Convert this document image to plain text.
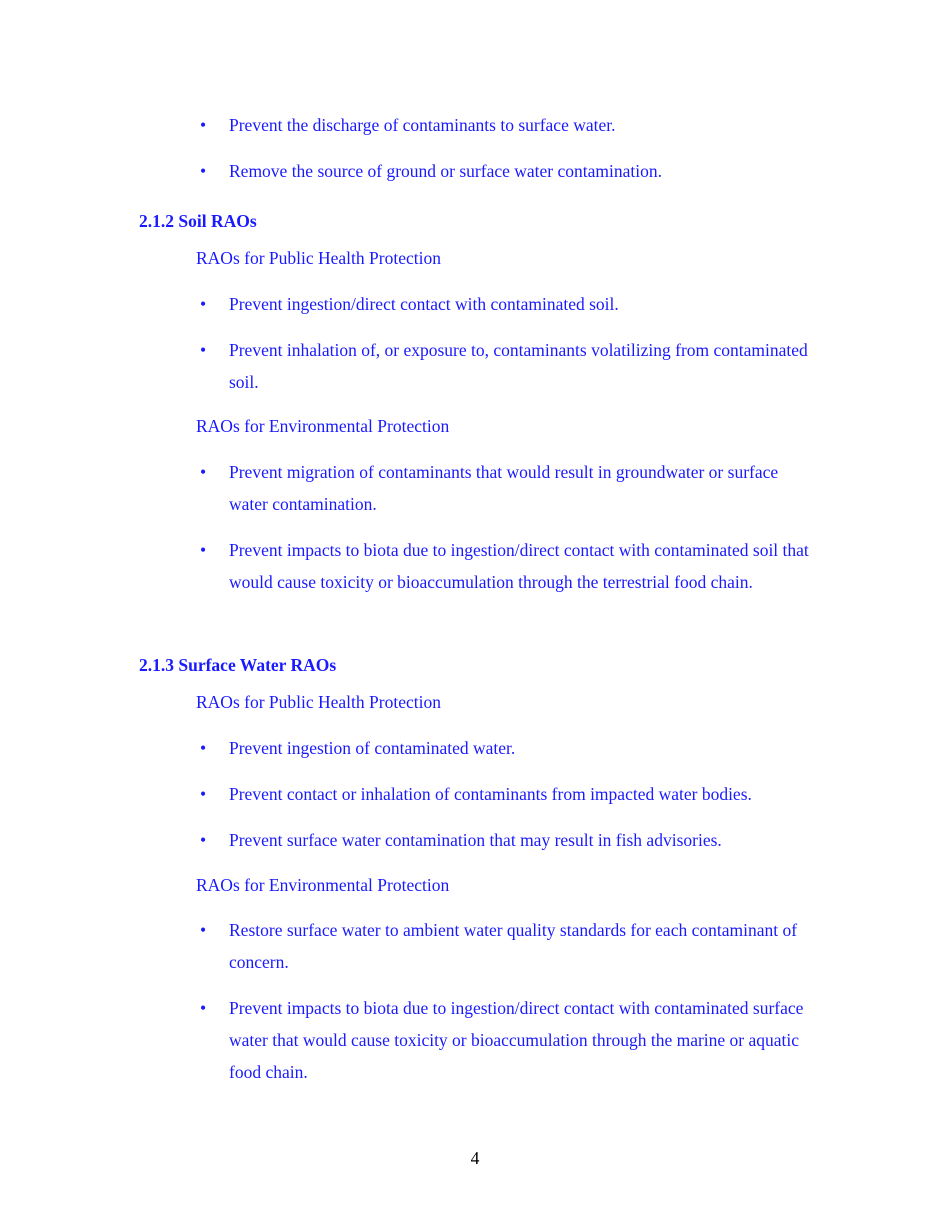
•	Prevent the discharge of contaminants to surface water.
•	Remove the source of ground or surface water contamination.
2.1.2 Soil RAOs
RAOs for Public Health Protection
•	Prevent ingestion/direct contact with contaminated soil.
•	Prevent inhalation of, or exposure to, contaminants volatilizing from contaminated soil.
RAOs for Environmental Protection
•	Prevent migration of contaminants that would result in groundwater or surface water contamination.
•	Prevent impacts to biota due to ingestion/direct contact with contaminated soil that would cause toxicity or bioaccumulation through the terrestrial food chain.
2.1.3 Surface Water RAOs
RAOs for Public Health Protection
•	Prevent ingestion of contaminated water.
•	Prevent contact or inhalation of contaminants from impacted water bodies.
•	Prevent surface water contamination that may result in fish advisories.
RAOs for Environmental Protection
•	Restore surface water to ambient water quality standards for each contaminant of concern.
•	Prevent impacts to biota due to ingestion/direct contact with contaminated surface water that would cause toxicity or bioaccumulation through the marine or aquatic food chain.
4
